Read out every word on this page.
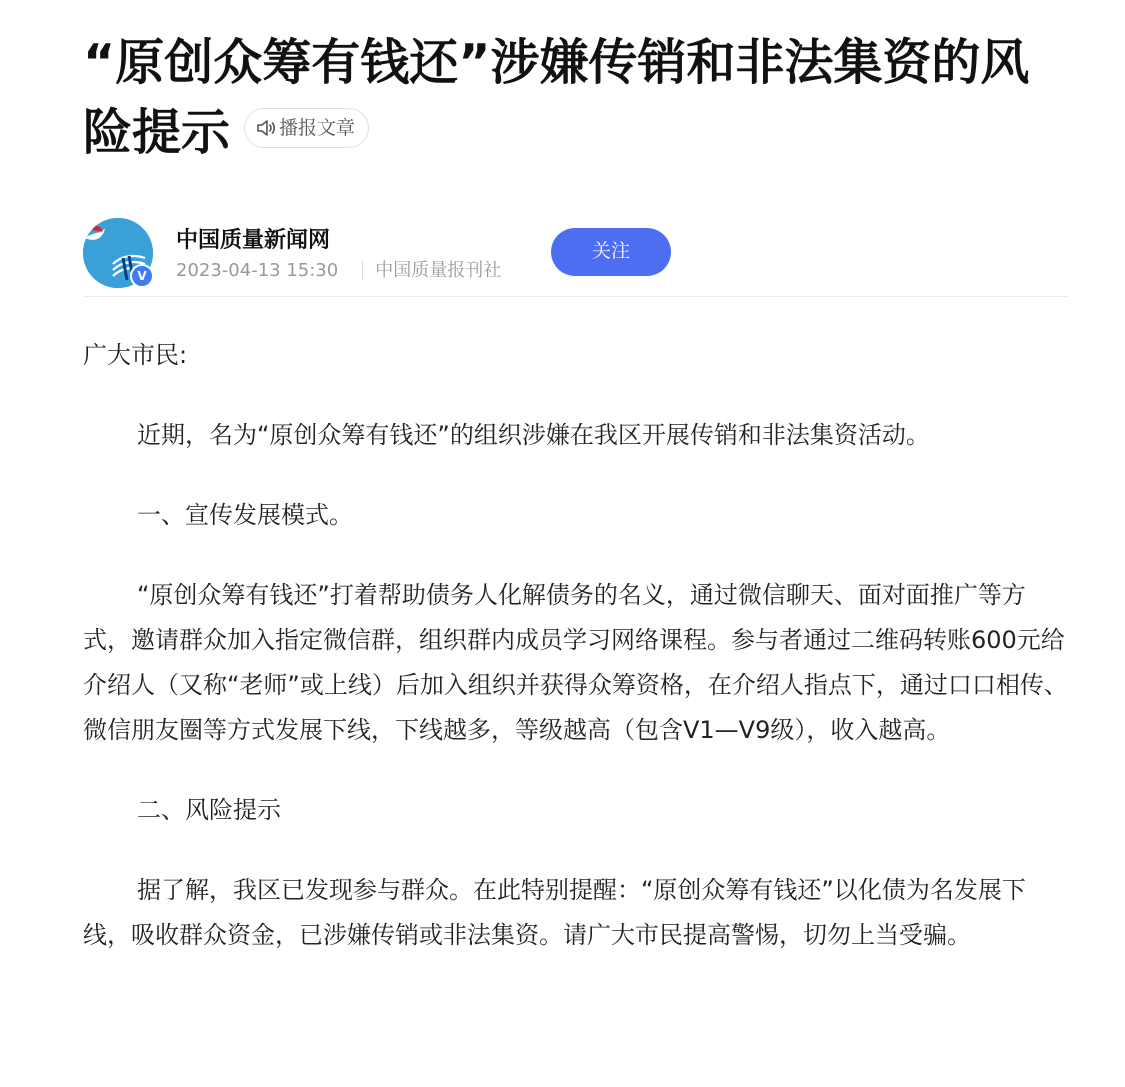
“原创众筹有钱还”涉嫌传销和非法集资的风险提示	播报文章
V
中国质量新闻网
2023-04-13 15:30 中国质量报刊社
关注

广大市民:

近期，名为“原创众筹有钱还”的组织涉嫌在我区开展传销和非法集资活动。

一、宣传发展模式。

“原创众筹有钱还”打着帮助债务人化解债务的名义，通过微信聊天、面对面推广等方式，邀请群众加入指定微信群，组织群内成员学习网络课程。参与者通过二维码转账600元给介绍人（又称“老师”或上线）后加入组织并获得众筹资格，在介绍人指点下，通过口口相传、微信朋友圈等方式发展下线，下线越多，等级越高（包含V1—V9级），收入越高。

二、风险提示

据了解，我区已发现参与群众。在此特别提醒：“原创众筹有钱还”以化债为名发展下线，吸收群众资金，已涉嫌传销或非法集资。请广大市民提高警惕，切勿上当受骗。
